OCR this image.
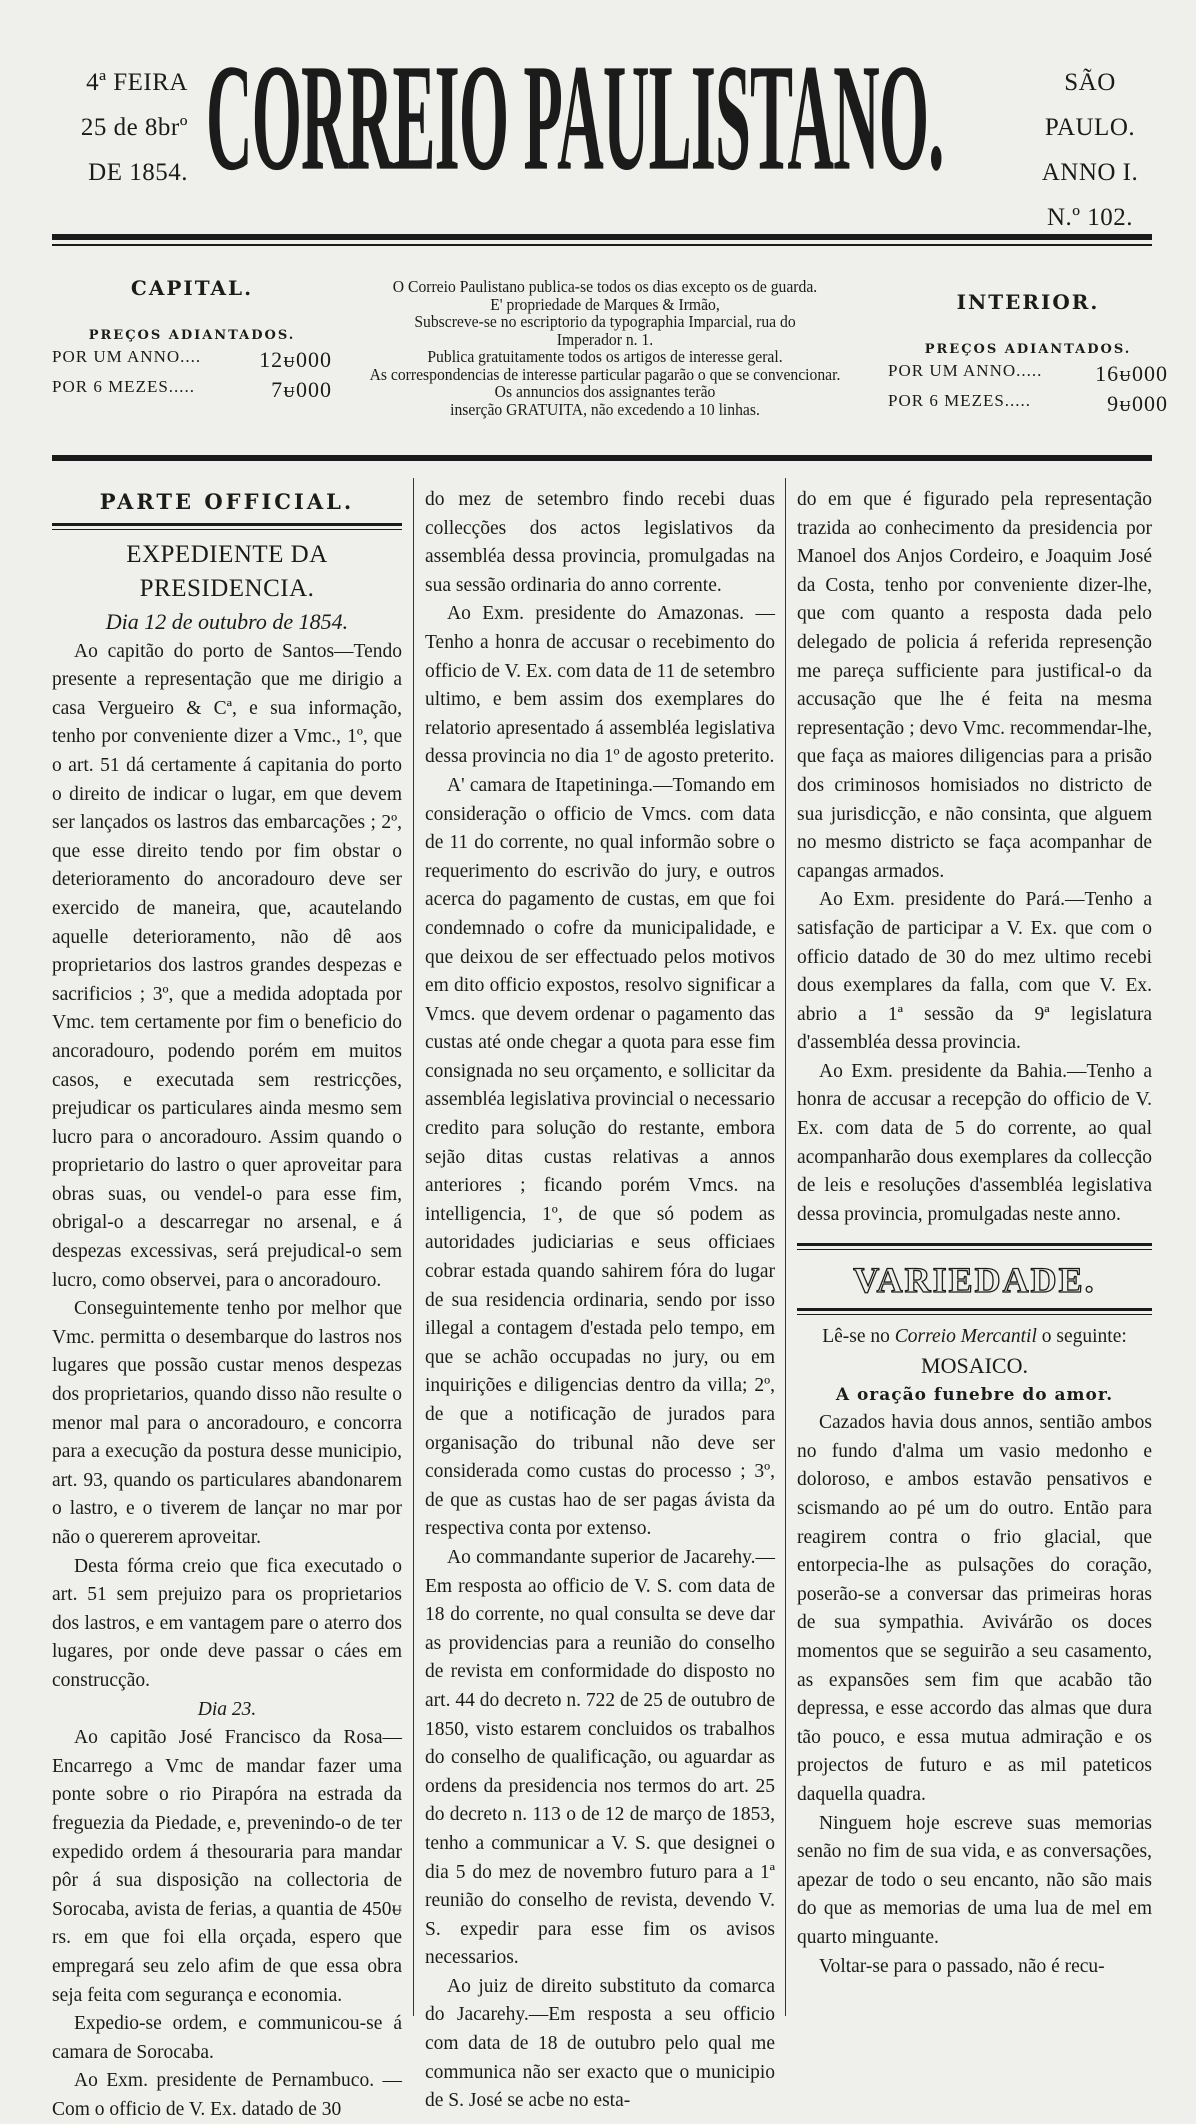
4ª FEIRA
25 de 8brº
DE 1854. CORREIO PAULISTANO.	SÃO PAULO.
ANNO I.
N.º 102.
CAPITAL.
PREÇOS ADIANTADOS.
POR UM ANNO....	12ᵾ000
POR 6 MEZES.....	7ᵾ000
O Correio Paulistano publica-se todos os dias excepto os de guarda.
E' propriedade de Marques & Irmão,
Subscreve-se no escriptorio da typographia Imparcial, rua do
Imperador n. 1.
Publica gratuitamente todos os artigos de interesse geral.
As correspondencias de interesse particular pagarão o que se convencionar.
Os annuncios dos assignantes terão
inserção GRATUITA, não excedendo a 10 linhas.
INTERIOR.
PREÇOS ADIANTADOS.
POR UM ANNO..... 16ᵾ000
POR 6 MEZES.....	9ᵾ000
PARTE OFFICIAL.

EXPEDIENTE DA PRESIDENCIA.

Dia 12 de outubro de 1854.

Ao capitão do porto de Santos—Tendo presente a representação que me dirigio a casa Vergueiro & Cª, e sua informação, tenho por conveniente dizer a Vmc., 1º, que o art. 51 dá certamente á capitania do porto o direito de indicar o lugar, em que devem ser lançados os lastros das embarcações ; 2º, que esse direito tendo por fim obstar o deterioramento do ancoradouro deve ser exercido de maneira, que, acautelando aquelle deterioramento, não dê aos proprietarios dos lastros grandes despezas e sacrificios ; 3º, que a medida adoptada por Vmc. tem certamente por fim o beneficio do ancoradouro, podendo porém em muitos casos, e executada sem restricções, prejudicar os particulares ainda mesmo sem lucro para o ancoradouro. Assim quando o proprietario do lastro o quer aproveitar para obras suas, ou vendel-o para esse fim, obrigal-o a descarregar no arsenal, e á despezas excessivas, será prejudical-o sem lucro, como observei, para o ancoradouro.

Conseguintemente tenho por melhor que Vmc. permitta o desembarque do lastros nos lugares que possão custar menos despezas dos proprietarios, quando disso não resulte o menor mal para o ancoradouro, e concorra para a execução da postura desse municipio, art. 93, quando os particulares abandonarem o lastro, e o tiverem de lançar no mar por não o quererem aproveitar.

Desta fórma creio que fica executado o art. 51 sem prejuizo para os proprietarios dos lastros, e em vantagem pare o aterro dos lugares, por onde deve passar o cáes em construcção.

Dia 23.

Ao capitão José Francisco da Rosa—Encarrego a Vmc de mandar fazer uma ponte sobre o rio Pirapóra na estrada da freguezia da Piedade, e, prevenindo-o de ter expedido ordem á thesouraria para mandar pôr á sua disposição na collectoria de Sorocaba, avista de ferias, a quantia de 450ᵾ rs. em que foi ella orçada, espero que empregará seu zelo afim de que essa obra seja feita com segurança e economia.

Expedio-se ordem, e communicou-se á camara de Sorocaba.

Ao Exm. presidente de Pernambuco. —Com o officio de V. Ex. datado de 30

do mez de setembro findo recebi duas collecções dos actos legislativos da assembléa dessa provincia, promulgadas na sua sessão ordinaria do anno corrente.

Ao Exm. presidente do Amazonas. —Tenho a honra de accusar o recebimento do officio de V. Ex. com data de 11 de setembro ultimo, e bem assim dos exemplares do relatorio apresentado á assembléa legislativa dessa provincia no dia 1º de agosto preterito.

A' camara de Itapetininga.—Tomando em consideração o officio de Vmcs. com data de 11 do corrente, no qual informão sobre o requerimento do escrivão do jury, e outros acerca do pagamento de custas, em que foi condemnado o cofre da municipalidade, e que deixou de ser effectuado pelos motivos em dito officio expostos, resolvo significar a Vmcs. que devem ordenar o pagamento das custas até onde chegar a quota para esse fim consignada no seu orçamento, e sollicitar da assembléa legislativa provincial o necessario credito para solução do restante, embora sejão ditas custas relativas a annos anteriores ; ficando porém Vmcs. na intelligencia, 1º, de que só podem as autoridades judiciarias e seus officiaes cobrar estada quando sahirem fóra do lugar de sua residencia ordinaria, sendo por isso illegal a contagem d'estada pelo tempo, em que se achão occupadas no jury, ou em inquirições e diligencias dentro da villa; 2º, de que a notificação de jurados para organisação do tribunal não deve ser considerada como custas do processo ; 3º, de que as custas hao de ser pagas ávista da respectiva conta por extenso.

Ao commandante superior de Jacarehy.—Em resposta ao officio de V. S. com data de 18 do corrente, no qual consulta se deve dar as providencias para a reunião do conselho de revista em conformidade do disposto no art. 44 do decreto n. 722 de 25 de outubro de 1850, visto estarem concluidos os trabalhos do conselho de qualificação, ou aguardar as ordens da presidencia nos termos do art. 25 do decreto n. 113 o de 12 de março de 1853, tenho a communicar a V. S. que designei o dia 5 do mez de novembro futuro para a 1ª reunião do conselho de revista, devendo V. S. expedir para esse fim os avisos necessarios.

Ao juiz de direito substituto da comarca do Jacarehy.—Em resposta a seu officio com data de 18 de outubro pelo qual me communica não ser exacto que o municipio de S. José se acbe no esta-

do em que é figurado pela representação trazida ao conhecimento da presidencia por Manoel dos Anjos Cordeiro, e Joaquim José da Costa, tenho por conveniente dizer-lhe, que com quanto a resposta dada pelo delegado de policia á referida represenção me pareça sufficiente para justifical-o da accusação que lhe é feita na mesma representação ; devo Vmc. recommendar-lhe, que faça as maiores diligencias para a prisão dos criminosos homisiados no districto de sua jurisdicção, e não consinta, que alguem no mesmo districto se faça acompanhar de capangas armados.

Ao Exm. presidente do Pará.—Tenho a satisfação de participar a V. Ex. que com o officio datado de 30 do mez ultimo recebi dous exemplares da falla, com que V. Ex. abrio a 1ª sessão da 9ª legislatura d'assembléa dessa provincia.

Ao Exm. presidente da Bahia.—Tenho a honra de accusar a recepção do officio de V. Ex. com data de 5 do corrente, ao qual acompanharão dous exemplares da collecção de leis e resoluções d'assembléa legislativa dessa provincia, promulgadas neste anno.

VARIEDADE.

Lê-se no Correio Mercantil o seguinte:

MOSAICO.

A oração funebre do amor.

Cazados havia dous annos, sentião ambos no fundo d'alma um vasio medonho e doloroso, e ambos estavão pensativos e scismando ao pé um do outro. Então para reagirem contra o frio glacial, que entorpecia-lhe as pulsações do coração, poserão-se a conversar das primeiras horas de sua sympathia. Avivárão os doces momentos que se seguirão a seu casamento, as expansões sem fim que acabão tão depressa, e esse accordo das almas que dura tão pouco, e essa mutua admiração e os projectos de futuro e as mil pateticos daquella quadra.

Ninguem hoje escreve suas memorias senão no fim de sua vida, e as conversações, apezar de todo o seu encanto, não são mais do que as memorias de uma lua de mel em quarto minguante.

Voltar-se para o passado, não é recu-
